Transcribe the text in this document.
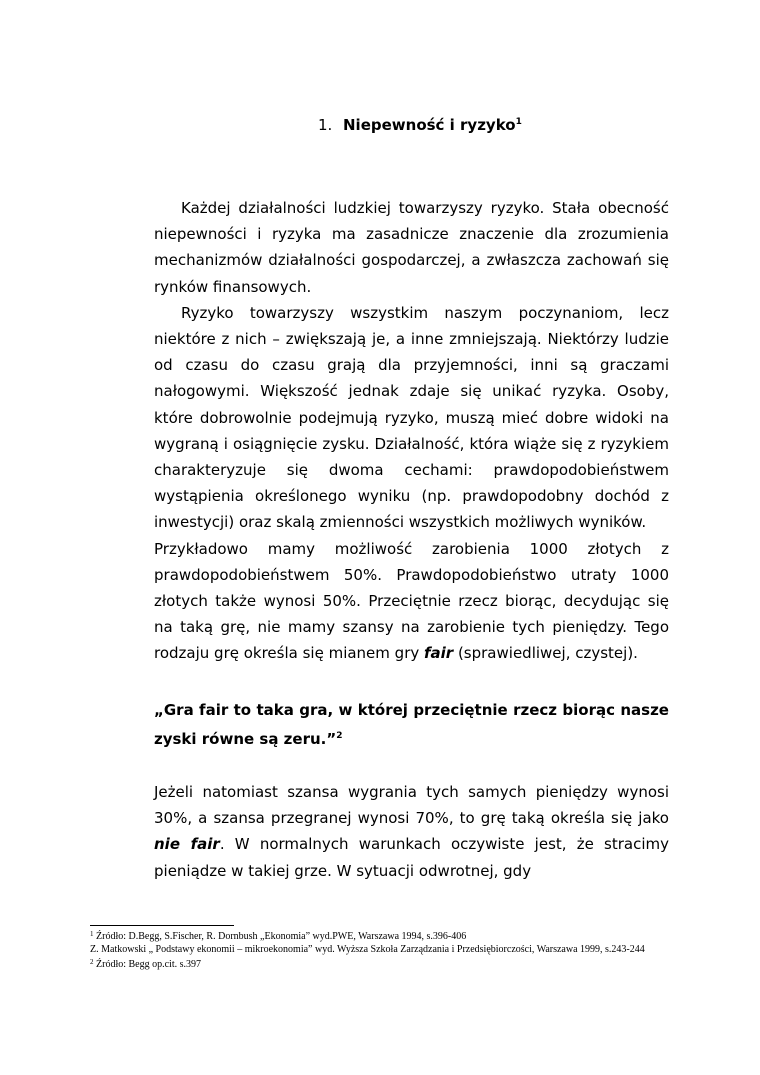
1. Niepewność i ryzyko$^1$

Każdej działalności ludzkiej towarzyszy ryzyko. Stała obecność niepewności i ryzyka ma zasadnicze znaczenie dla zrozumienia mechanizmów działalności gospodarczej, a zwłaszcza zachowań się rynków finansowych.

Ryzyko towarzyszy wszystkim naszym poczynaniom, lecz niektóre z nich – zwiększają je, a inne zmniejszają. Niektórzy ludzie od czasu do czasu grają dla przyjemności, inni są graczami nałogowymi. Większość jednak zdaje się unikać ryzyka. Osoby, które dobrowolnie podejmują ryzyko, muszą mieć dobre widoki na wygraną i osiągnięcie zysku. Działalność, która wiąże się z ryzykiem charakteryzuje się dwoma cechami: prawdopodobieństwem wystąpienia określonego wyniku (np. prawdopodobny dochód z inwestycji) oraz skalą zmienności wszystkich możliwych wyników.

Przykładowo mamy możliwość zarobienia 1000 złotych z prawdopodobieństwem 50%. Prawdopodobieństwo utraty 1000 złotych także wynosi 50%. Przeciętnie rzecz biorąc, decydując się na taką grę, nie mamy szansy na zarobienie tych pieniędzy. Tego rodzaju grę określa się mianem gry fair (sprawiedliwej, czystej).

„Gra fair to taka gra, w której przeciętnie rzecz biorąc nasze zyski równe są zeru.”$^2$

Jeżeli natomiast szansa wygrania tych samych pieniędzy wynosi 30%, a szansa przegranej wynosi 70%, to grę taką określa się jako nie fair. W normalnych warunkach oczywiste jest, że stracimy pieniądze w takiej grze. W sytuacji odwrotnej, gdy

$^1$ Źródło: D.Begg, S.Fischer, R. Dornbush „Ekonomia” wyd.PWE, Warszawa 1994, s.396-406
Z. Matkowski „ Podstawy ekonomii – mikroekonomia” wyd. Wyższa Szkoła Zarządzania i Przedsiębiorczości, Warszawa 1999, s.243-244
$^2$ Źródło: Begg op.cit. s.397
